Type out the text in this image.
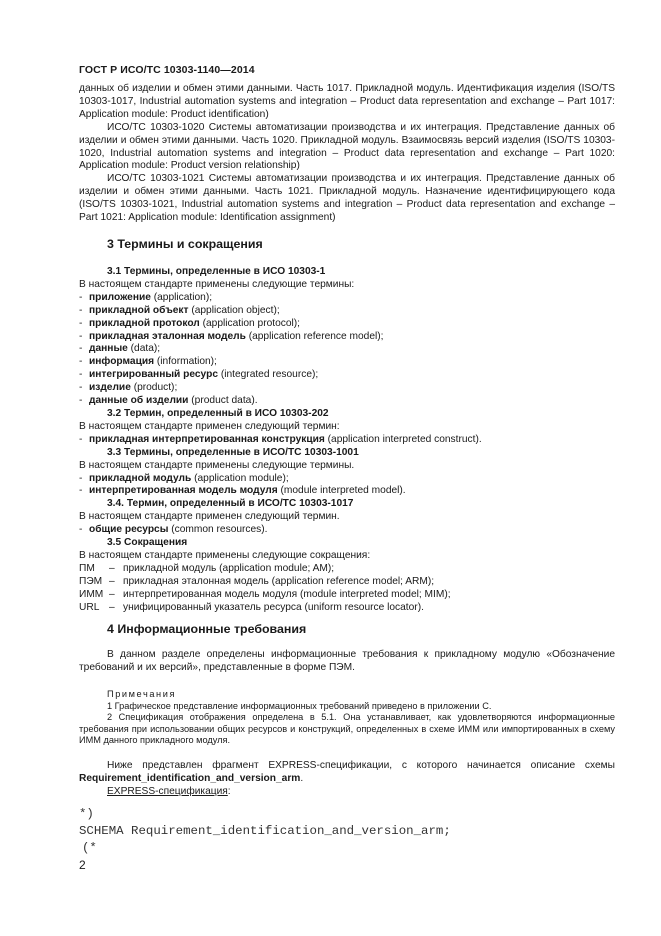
ГОСТ Р ИСО/ТС 10303-1140—2014

данных об изделии и обмен этими данными. Часть 1017. Прикладной модуль. Идентификация изделия (ISO/TS 10303-1017, Industrial automation systems and integration – Product data representation and exchange – Part 1017: Application module: Product identification)

ИСО/ТС 10303-1020 Системы автоматизации производства и их интеграция. Представление данных об изделии и обмен этими данными. Часть 1020. Прикладной модуль. Взаимосвязь версий изделия (ISO/TS 10303-1020, Industrial automation systems and integration – Product data representation and exchange – Part 1020: Application module: Product version relationship)

ИСО/ТС 10303-1021 Системы автоматизации производства и их интеграция. Представление данных об изделии и обмен этими данными. Часть 1021. Прикладной модуль. Назначение идентифицирующего кода (ISO/TS 10303-1021, Industrial automation systems and integration – Product data representation and exchange – Part 1021: Application module: Identification assignment)

3 Термины и сокращения
3.1 Термины, определенные в ИСО 10303-1
В настоящем стандарте применены следующие термины:
- приложение (application);
- прикладной объект (application object);
- прикладной протокол (application protocol);
- прикладная эталонная модель (application reference model);
- данные (data);
- информация (information);
- интегрированный ресурс (integrated resource);
- изделие (product);
- данные об изделии (product data).
3.2 Термин, определенный в ИСО 10303-202
В настоящем стандарте применен следующий термин:
- прикладная интерпретированная конструкция (application interpreted construct).
3.3 Термины, определенные в ИСО/ТС 10303-1001
В настоящем стандарте применены следующие термины.
- прикладной модуль (application module);
- интерпретированная модель модуля (module interpreted model).
3.4. Термин, определенный в ИСО/ТС 10303-1017
В настоящем стандарте применен следующий термин.
- общие ресурсы (common resources).
3.5 Сокращения
В настоящем стандарте применены следующие сокращения:
ПМ – прикладной модуль (application module; AM);
ПЭМ – прикладная эталонная модель (application reference model; ARM);
ИММ – интерпретированная модель модуля (module interpreted model; MIM);
URL – унифицированный указатель ресурса (uniform resource locator).
4 Информационные требования

В данном разделе определены информационные требования к прикладному модулю «Обозначение требований и их версий», представленные в форме ПЭМ.

Примечания

1 Графическое представление информационных требований приведено в приложении С.

2 Спецификация отображения определена в 5.1. Она устанавливает, как удовлетворяются информационные требования при использовании общих ресурсов и конструкций, определенных в схеме ИММ или импортированных в схему ИММ данного прикладного модуля.

Ниже представлен фрагмент EXPRESS-спецификации, с которого начинается описание схемы Requirement_identification_and_version_arm.

EXPRESS-спецификация:

*)
SCHEMA Requirement_identification_and_version_arm;
(*
2
